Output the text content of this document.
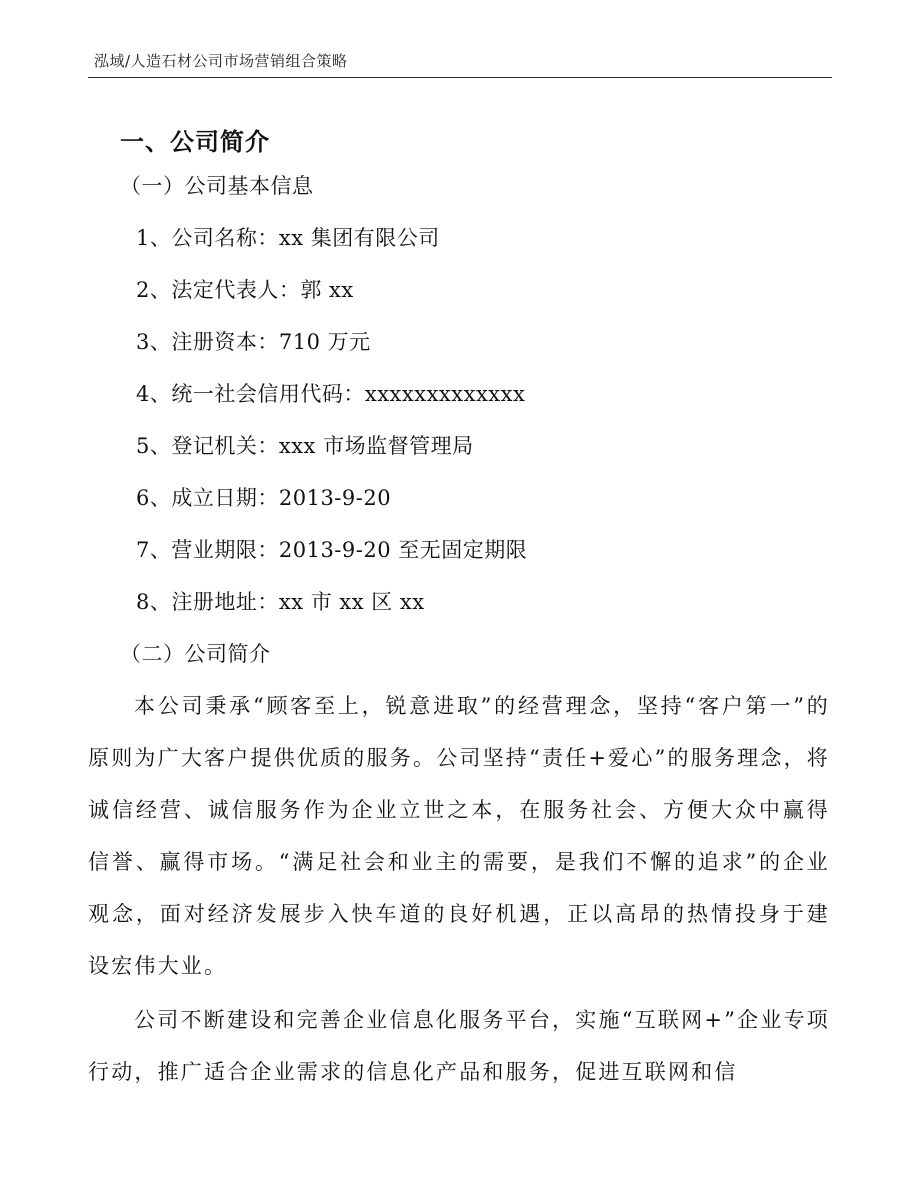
泓域/人造石材公司市场营销组合策略
一、公司简介
（一）公司基本信息
1、公司名称：xx 集团有限公司
2、法定代表人：郭 xx
3、注册资本：710 万元
4、统一社会信用代码：xxxxxxxxxxxxx
5、登记机关：xxx 市场监督管理局
6、成立日期：2013-9-20
7、营业期限：2013-9-20 至无固定期限
8、注册地址：xx 市 xx 区 xx
（二）公司简介

本公司秉承“顾客至上，锐意进取”的经营理念，坚持“客户第一”的原则为广大客户提供优质的服务。公司坚持“责任+爱心”的服务理念，将诚信经营、诚信服务作为企业立世之本，在服务社会、方便大众中赢得信誉、赢得市场。“满足社会和业主的需要，是我们不懈的追求”的企业观念，面对经济发展步入快车道的良好机遇，正以高昂的热情投身于建设宏伟大业。

公司不断建设和完善企业信息化服务平台，实施“互联网+”企业专项行动，推广适合企业需求的信息化产品和服务，促进互联网和信
